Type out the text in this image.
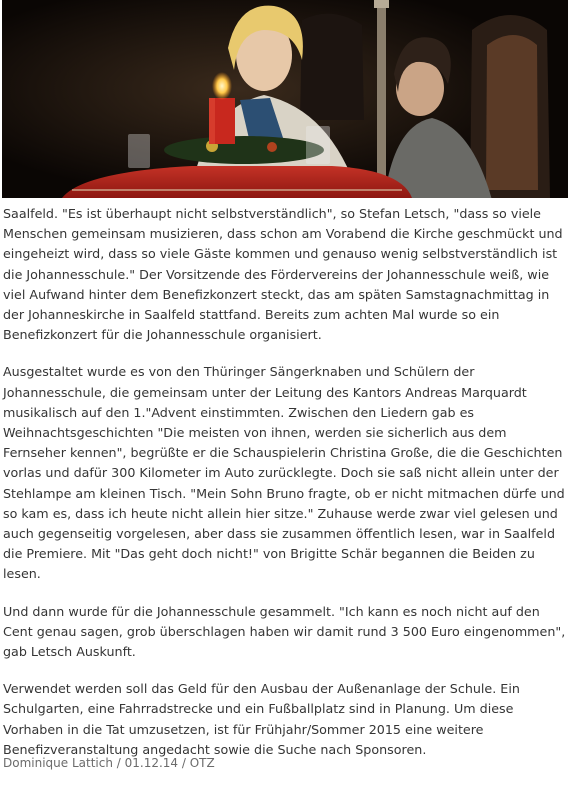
Saalfeld. "Es ist überhaupt nicht selbstverständlich", so Stefan Letsch, "dass so viele Menschen gemeinsam musizieren, dass schon am Vorabend die Kirche geschmückt und eingeheizt wird, dass so viele Gäste kommen und genauso wenig selbstverständlich ist die Johannesschule." Der Vorsitzende des Fördervereins der Johannesschule weiß, wie viel Aufwand hinter dem Benefizkonzert steckt, das am späten Samstagnachmittag in der Johanneskirche in Saalfeld stattfand. Bereits zum achten Mal wurde so ein Benefizkonzert für die Johannesschule organisiert.

Ausgestaltet wurde es von den Thüringer Sängerknaben und Schülern der Johannesschule, die gemeinsam unter der Leitung des Kantors Andreas Marquardt musikalisch auf den 1."Advent einstimmten. Zwischen den Liedern gab es Weihnachtsgeschichten "Die meisten von ihnen, werden sie sicherlich aus dem Fernseher kennen", begrüßte er die Schauspielerin Christina Große, die die Geschichten vorlas und dafür 300 Kilometer im Auto zurücklegte. Doch sie saß nicht allein unter der Stehlampe am kleinen Tisch. "Mein Sohn Bruno fragte, ob er nicht mitmachen dürfe und so kam es, dass ich heute nicht allein hier sitze." Zuhause werde zwar viel gelesen und auch gegenseitig vorgelesen, aber dass sie zusammen öffentlich lesen, war in Saalfeld die Premiere. Mit "Das geht doch nicht!" von Brigitte Schär begannen die Beiden zu lesen.

Und dann wurde für die Johannesschule gesammelt. "Ich kann es noch nicht auf den Cent genau sagen, grob überschlagen haben wir damit rund 3 500 Euro eingenommen", gab Letsch Auskunft.

Verwendet werden soll das Geld für den Ausbau der Außenanlage der Schule. Ein Schulgarten, eine Fahrradstrecke und ein Fußballplatz sind in Planung. Um diese Vorhaben in die Tat umzusetzen, ist für Frühjahr/Sommer 2015 eine weitere Benefizveranstaltung angedacht sowie die Suche nach Sponsoren.

Dominique Lattich / 01.12.14 / OTZ
